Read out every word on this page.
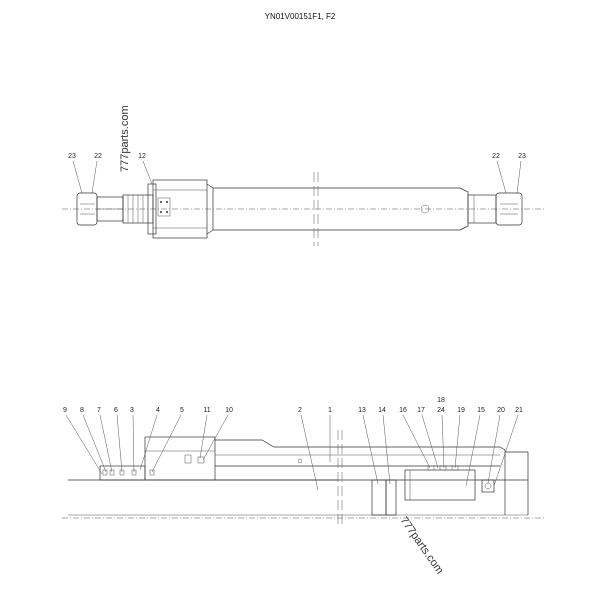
YN01V00151F1, F2
23	22	12	22	23
777parts.com
9 8 7 6 3	4	5	11 10	2	1	13 14 16 17
18
24 19 15 20 21
777parts.com
